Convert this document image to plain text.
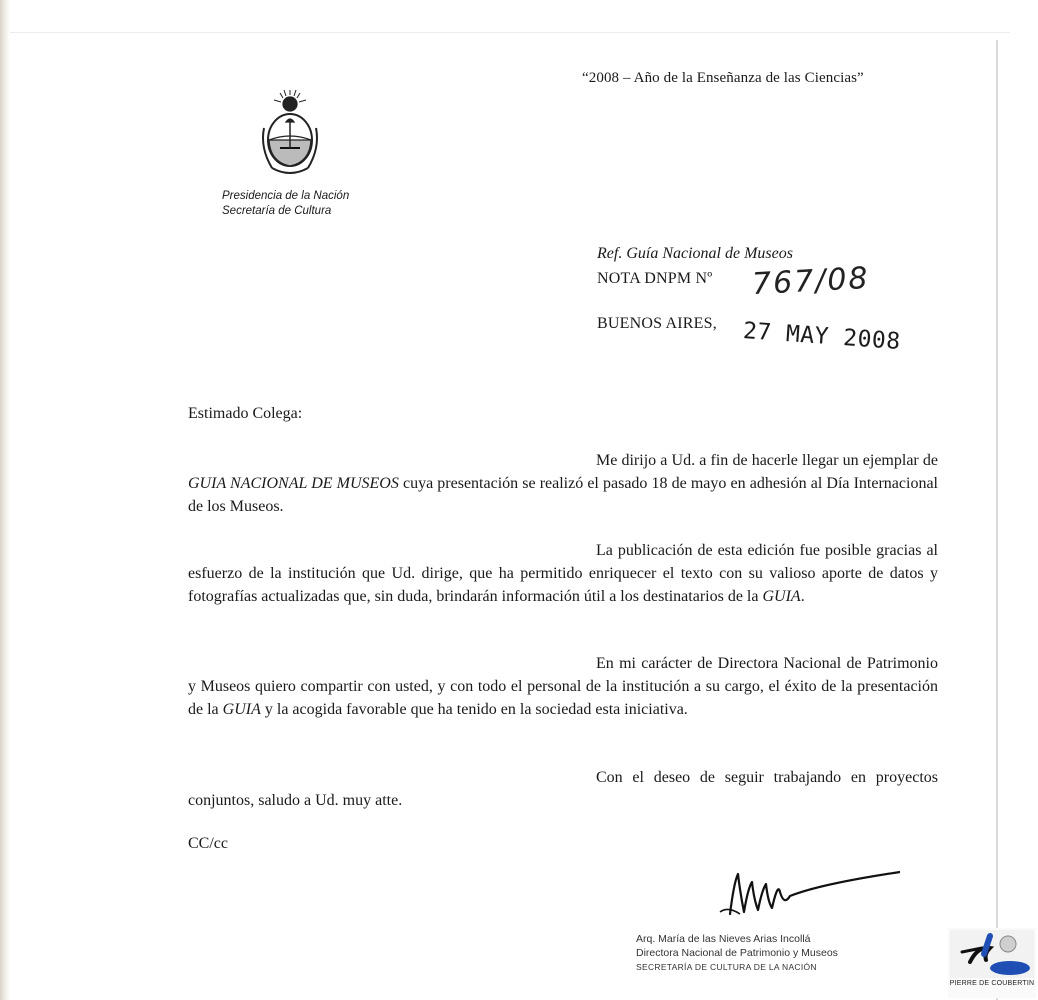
“2008 – Año de la Enseñanza de las Ciencias”
Presidencia de la Nación
Secretaría de Cultura
Ref. Guía Nacional de Museos
NOTA DNPM Nº 767/08
BUENOS AIRES, 27 MAY 2008
Estimado Colega:
Me dirijo a Ud. a fin de hacerle llegar un ejemplar de GUIA NACIONAL DE MUSEOS cuya presentación se realizó el pasado 18 de mayo en adhesión al Día Internacional de los Museos.
La publicación de esta edición fue posible gracias al esfuerzo de la institución que Ud. dirige, que ha permitido enriquecer el texto con su valioso aporte de datos y fotografías actualizadas que, sin duda, brindarán información útil a los destinatarios de la GUIA.
En mi carácter de Directora Nacional de Patrimonio y Museos quiero compartir con usted, y con todo el personal de la institución a su cargo, el éxito de la presentación de la GUIA y la acogida favorable que ha tenido en la sociedad esta iniciativa.
Con el deseo de seguir trabajando en proyectos conjuntos, saludo a Ud. muy atte.
CC/cc
Arq. María de las Nieves Arias Incollá
Directora Nacional de Patrimonio y Museos
SECRETARÍA DE CULTURA DE LA NACIÓN
PIERRE DE COUBERTIN
